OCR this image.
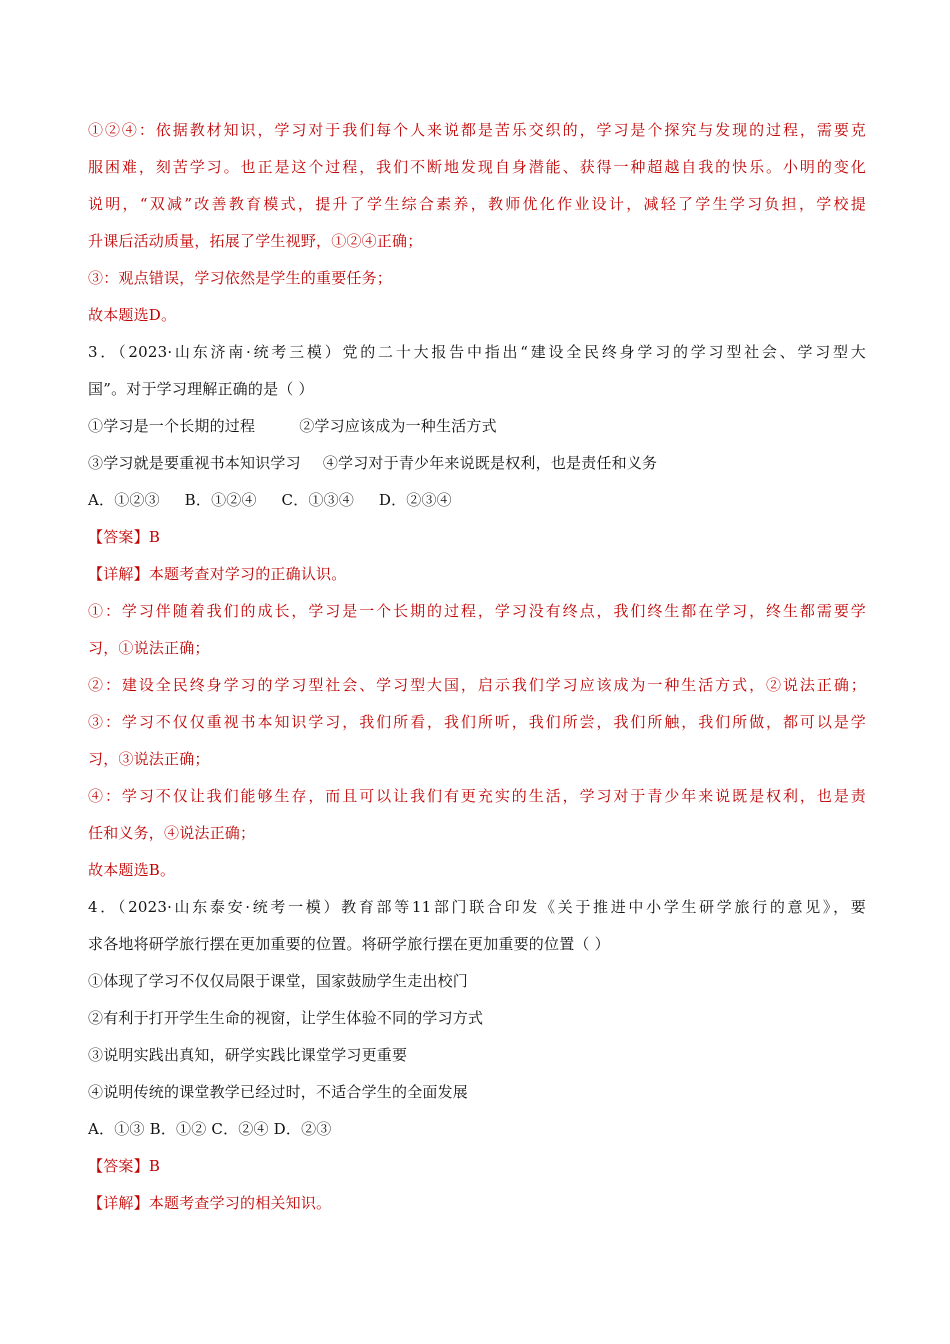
①②④：依据教材知识，学习对于我们每个人来说都是苦乐交织的，学习是个探究与发现的过程，需要克
服困难，刻苦学习。也正是这个过程，我们不断地发现自身潜能、获得一种超越自我的快乐。小明的变化
说明，“双减”改善教育模式，提升了学生综合素养，教师优化作业设计，减轻了学生学习负担，学校提
升课后活动质量，拓展了学生视野，①②④正确；
③：观点错误，学习依然是学生的重要任务；
故本题选D。
3．（2023·山东济南·统考三模）党的二十大报告中指出“建设全民终身学习的学习型社会、学习型大
国”。对于学习理解正确的是（ ）
①学习是一个长期的过程	②学习应该成为一种生活方式
③学习就是要重视书本知识学习 ④学习对于青少年来说既是权利，也是责任和义务
A．①②③     B．①②④     C．①③④     D．②③④
【答案】B
【详解】本题考查对学习的正确认识。
①：学习伴随着我们的成长，学习是一个长期的过程，学习没有终点，我们终生都在学习，终生都需要学
习，①说法正确；
②：建设全民终身学习的学习型社会、学习型大国，启示我们学习应该成为一种生活方式，②说法正确；
③：学习不仅仅重视书本知识学习，我们所看，我们所听，我们所尝，我们所触，我们所做，都可以是学
习，③说法正确；
④：学习不仅让我们能够生存，而且可以让我们有更充实的生活，学习对于青少年来说既是权利，也是责
任和义务，④说法正确；
故本题选B。
4．（2023·山东泰安·统考一模）教育部等11部门联合印发《关于推进中小学生研学旅行的意见》，要
求各地将研学旅行摆在更加重要的位置。将研学旅行摆在更加重要的位置（ ）
①体现了学习不仅仅局限于课堂，国家鼓励学生走出校门
②有利于打开学生生命的视窗，让学生体验不同的学习方式
③说明实践出真知，研学实践比课堂学习更重要
④说明传统的课堂教学已经过时，不适合学生的全面发展
A．①③ B．①② C．②④ D．②③
【答案】B
【详解】本题考查学习的相关知识。
